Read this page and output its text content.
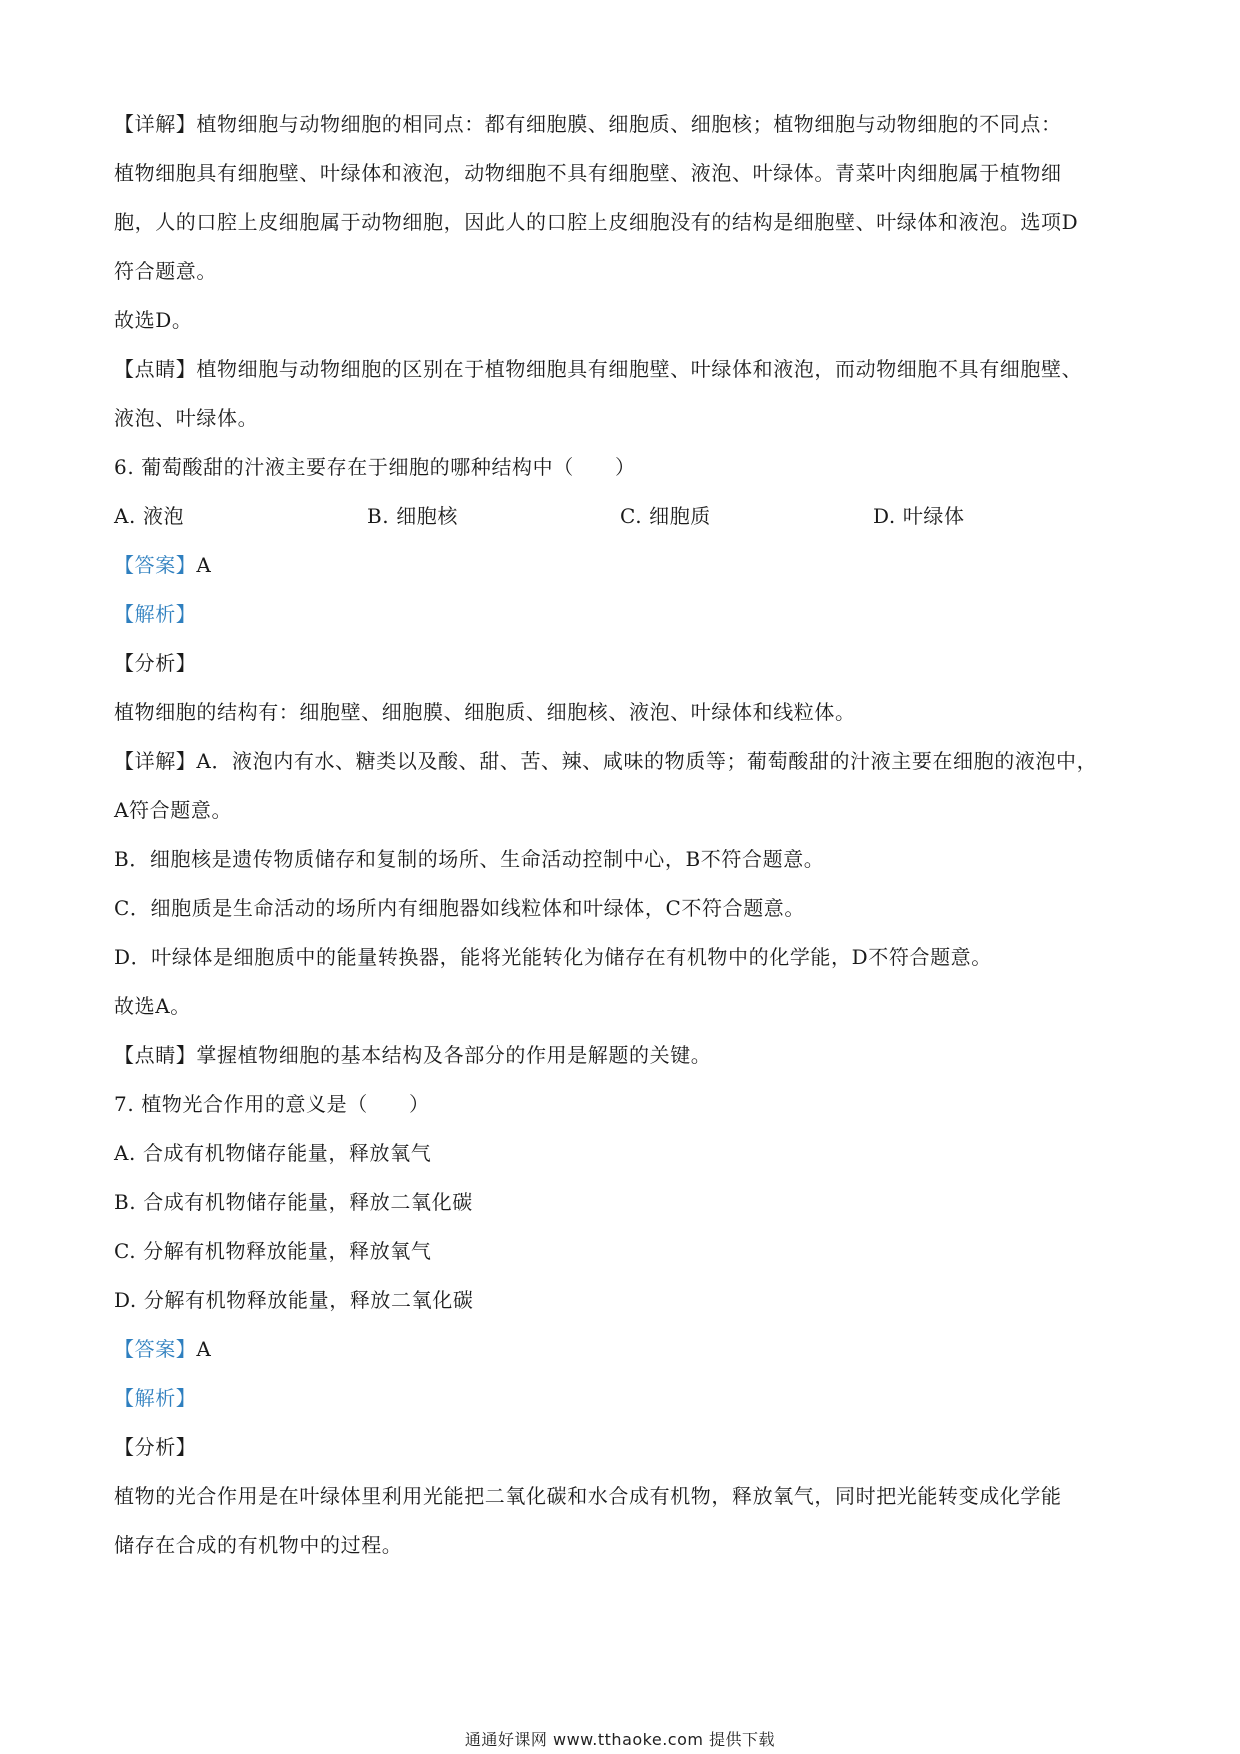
【详解】植物细胞与动物细胞的相同点：都有细胞膜、细胞质、细胞核；植物细胞与动物细胞的不同点：
植物细胞具有细胞壁、叶绿体和液泡，动物细胞不具有细胞壁、液泡、叶绿体。青菜叶肉细胞属于植物细
胞，人的口腔上皮细胞属于动物细胞，因此人的口腔上皮细胞没有的结构是细胞壁、叶绿体和液泡。选项D
符合题意。
故选D。
【点睛】植物细胞与动物细胞的区别在于植物细胞具有细胞壁、叶绿体和液泡，而动物细胞不具有细胞壁、
液泡、叶绿体。
6. 葡萄酸甜的汁液主要存在于细胞的哪种结构中（　　）
A. 液泡	B. 细胞核	C. 细胞质	D. 叶绿体
【答案】A
【解析】
【分析】
植物细胞的结构有：细胞壁、细胞膜、细胞质、细胞核、液泡、叶绿体和线粒体。
【详解】A．液泡内有水、糖类以及酸、甜、苦、辣、咸味的物质等；葡萄酸甜的汁液主要在细胞的液泡中，
A符合题意。
B．细胞核是遗传物质储存和复制的场所、生命活动控制中心，B不符合题意。
C．细胞质是生命活动的场所内有细胞器如线粒体和叶绿体，C不符合题意。
D．叶绿体是细胞质中的能量转换器，能将光能转化为储存在有机物中的化学能，D不符合题意。
故选A。
【点睛】掌握植物细胞的基本结构及各部分的作用是解题的关键。
7. 植物光合作用的意义是（　　）
A. 合成有机物储存能量，释放氧气
B. 合成有机物储存能量，释放二氧化碳
C. 分解有机物释放能量，释放氧气
D. 分解有机物释放能量，释放二氧化碳
【答案】A
【解析】
【分析】
植物的光合作用是在叶绿体里利用光能把二氧化碳和水合成有机物，释放氧气，同时把光能转变成化学能
储存在合成的有机物中的过程。
通通好课网 www.tthaoke.com 提供下载
